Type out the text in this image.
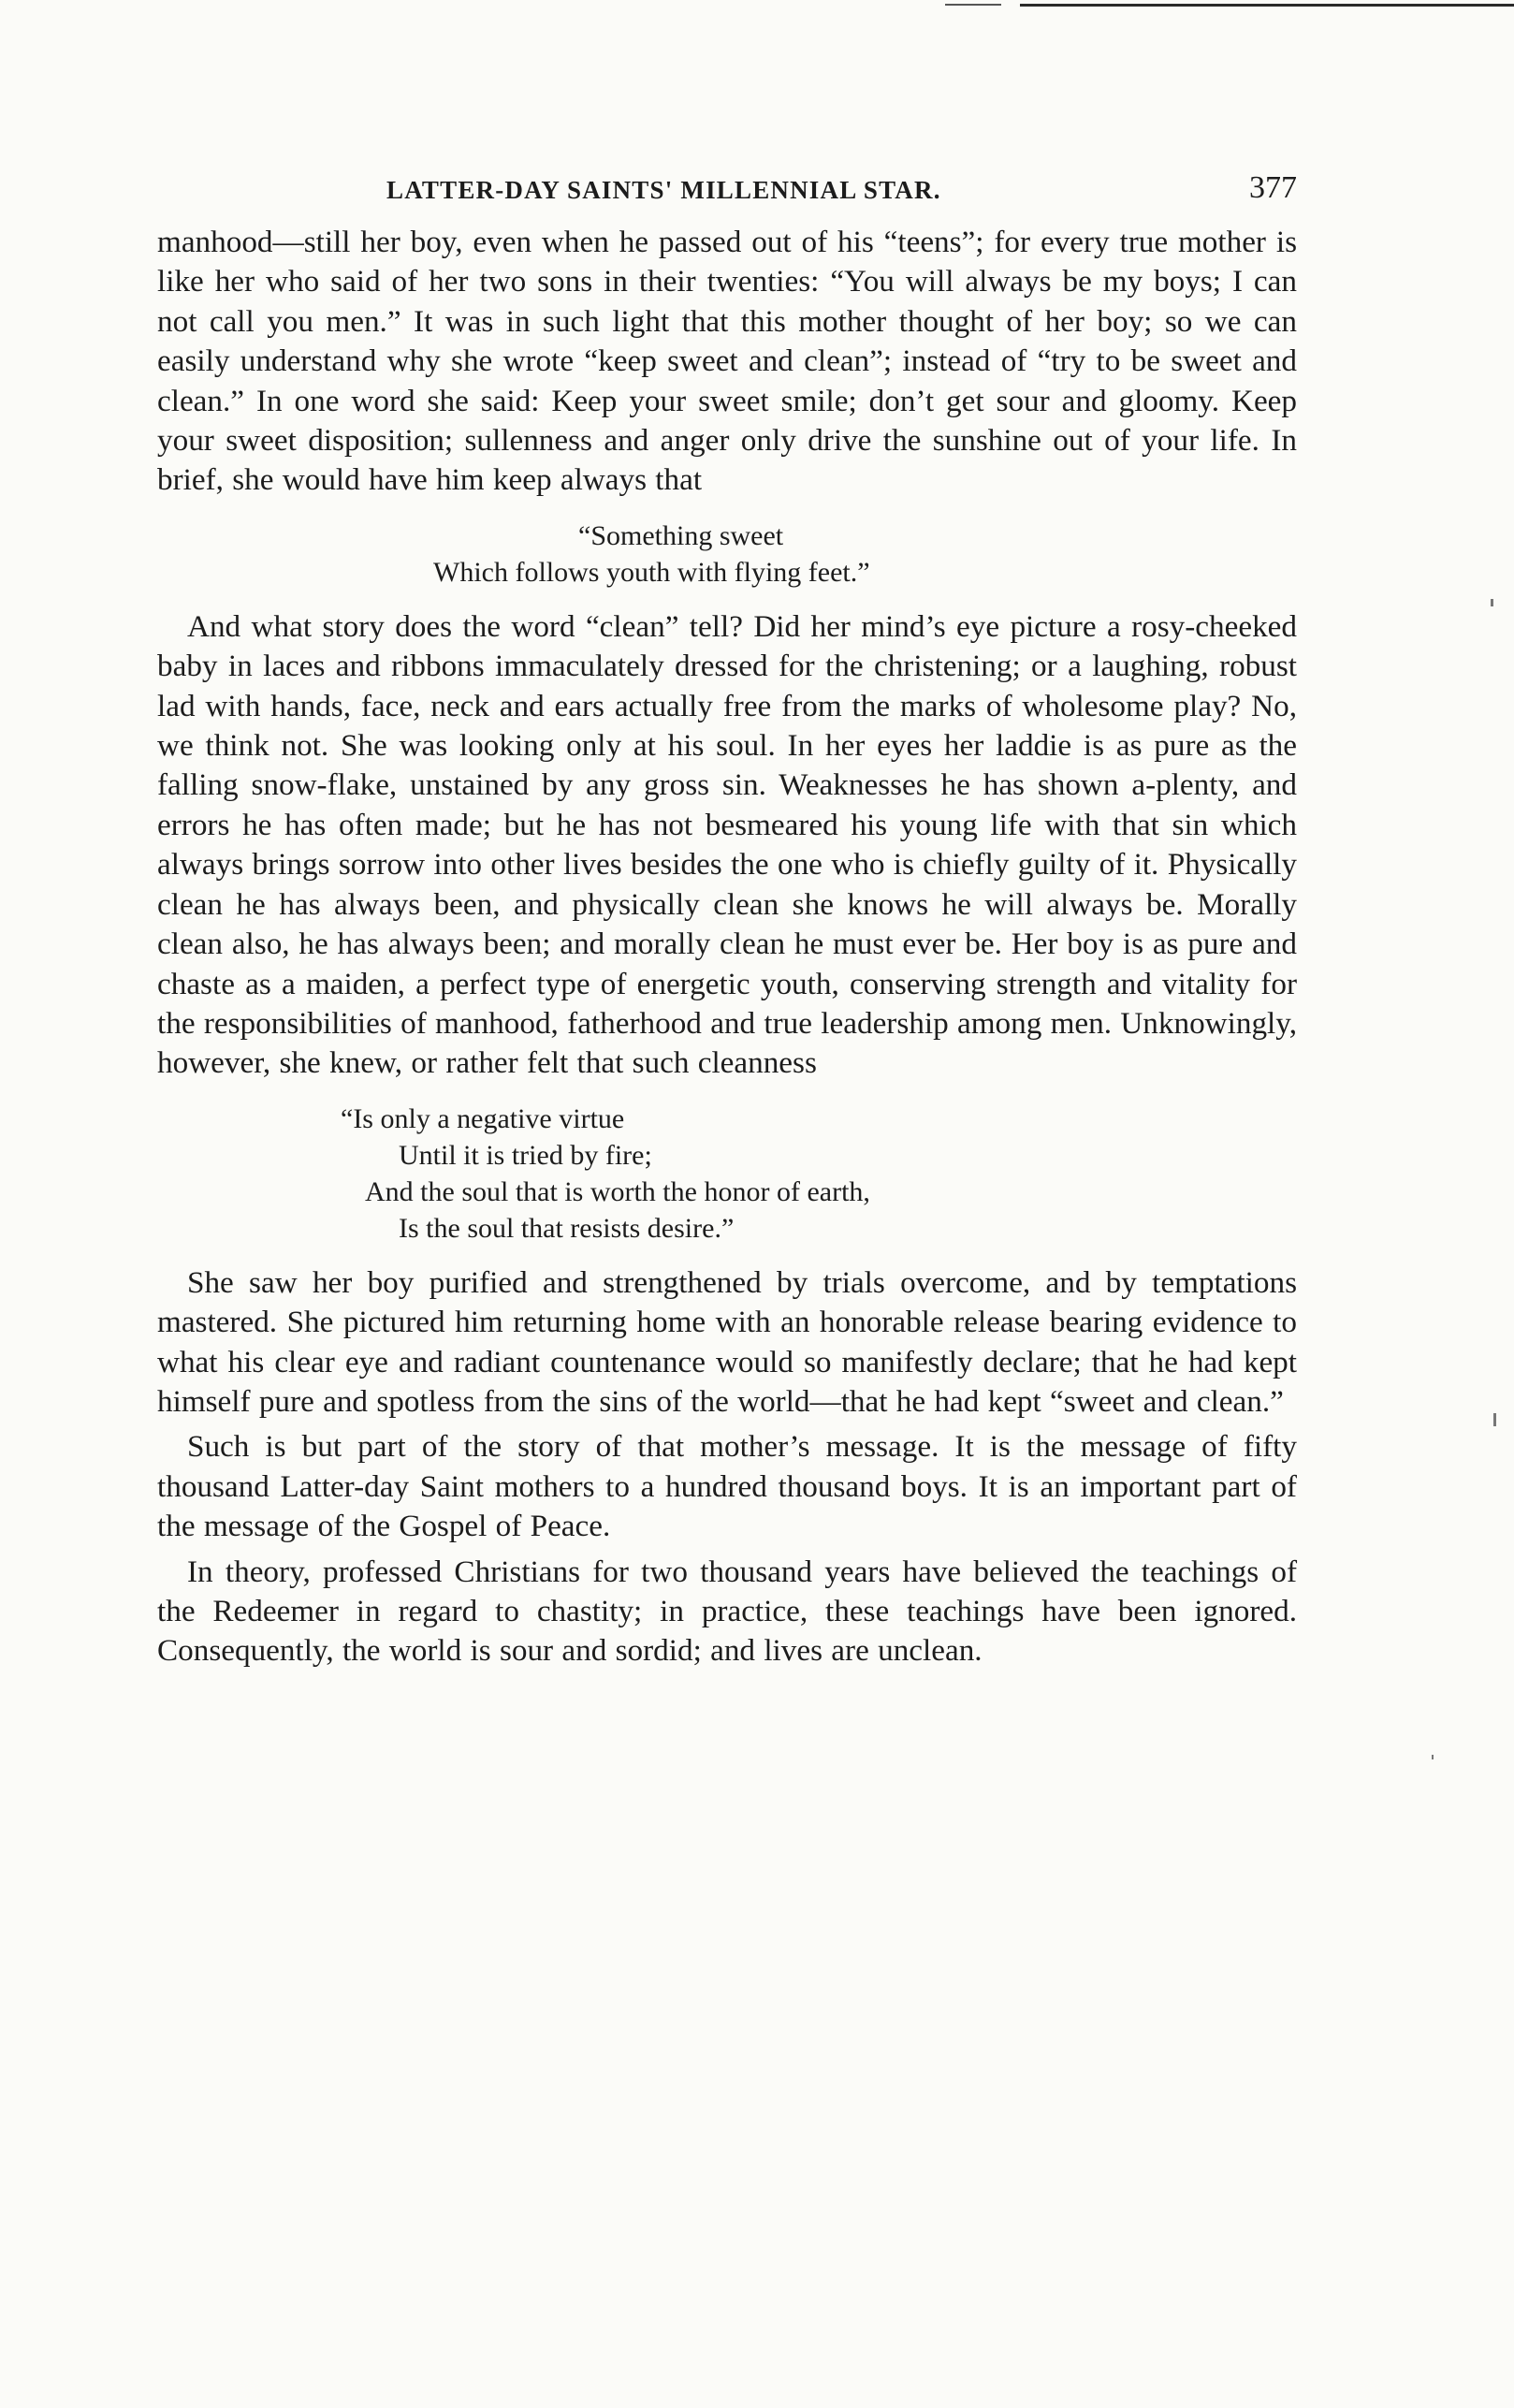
LATTER-DAY SAINTS' MILLENNIAL STAR.	377

manhood—still her boy, even when he passed out of his “teens”; for every true mother is like her who said of her two sons in their twenties: “You will always be my boys; I can not call you men.” It was in such light that this mother thought of her boy; so we can easily understand why she wrote “keep sweet and clean”; instead of “try to be sweet and clean.” In one word she said: Keep your sweet smile; don’t get sour and gloomy. Keep your sweet disposition; sullenness and anger only drive the sunshine out of your life. In brief, she would have him keep always that

“Something sweet
Which follows youth with flying feet.”

And what story does the word “clean” tell? Did her mind’s eye picture a rosy-cheeked baby in laces and ribbons immaculately dressed for the christening; or a laughing, robust lad with hands, face, neck and ears actually free from the marks of wholesome play? No, we think not. She was looking only at his soul. In her eyes her laddie is as pure as the falling snow-flake, unstained by any gross sin. Weaknesses he has shown a-plenty, and errors he has often made; but he has not besmeared his young life with that sin which always brings sorrow into other lives besides the one who is chiefly guilty of it. Physically clean he has always been, and physically clean she knows he will always be. Morally clean also, he has always been; and morally clean he must ever be. Her boy is as pure and chaste as a maiden, a perfect type of energetic youth, conserving strength and vitality for the responsibilities of manhood, fatherhood and true leadership among men. Unknowingly, however, she knew, or rather felt that such cleanness

“Is only a negative virtue
Until it is tried by fire;
And the soul that is worth the honor of earth,
Is the soul that resists desire.”

She saw her boy purified and strengthened by trials overcome, and by temptations mastered. She pictured him returning home with an honorable release bearing evidence to what his clear eye and radiant countenance would so manifestly declare; that he had kept himself pure and spotless from the sins of the world—that he had kept “sweet and clean.”

Such is but part of the story of that mother’s message. It is the message of fifty thousand Latter-day Saint mothers to a hundred thousand boys. It is an important part of the message of the Gospel of Peace.

In theory, professed Christians for two thousand years have believed the teachings of the Redeemer in regard to chastity; in practice, these teachings have been ignored. Consequently, the world is sour and sordid; and lives are unclean.
